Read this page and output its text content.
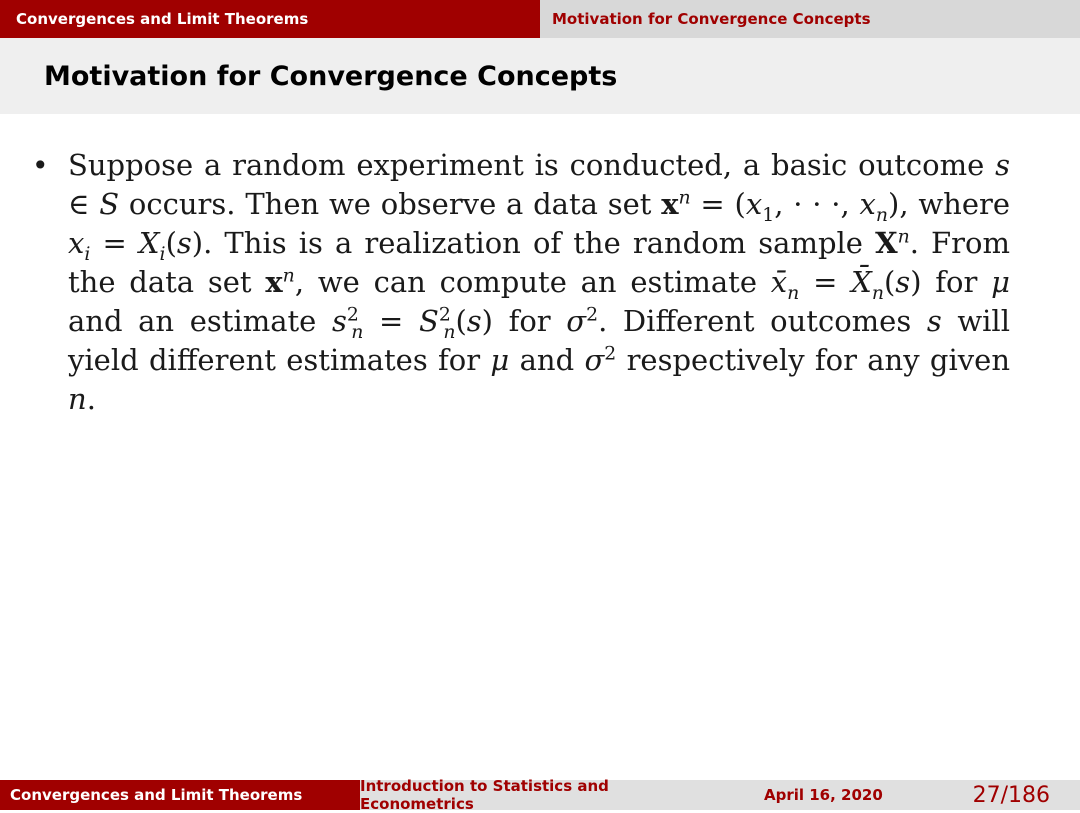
Convergences and Limit Theorems	Motivation for Convergence Concepts
Motivation for Convergence Concepts
• Suppose a random experiment is conducted, a basic outcome s ∈ S occurs. Then we observe a data set $x^n = (x_1$, · · ·, $x_n$), where $x_i = X_i(s)$. This is a realization of the random sample $X^n$. From the data set $x^n$, we can compute an estimate $x̄_n$ = $X̄_n(s)$ for μ and an estimate $s^2_n = S^2_n(s)$ for $\sigma^2$. Different outcomes s will yield different estimates for μ and $\sigma^2$ respectively for any given n.
Convergences and Limit Theorems	Introduction to Statistics and Econometrics	April 16, 2020	27/186
